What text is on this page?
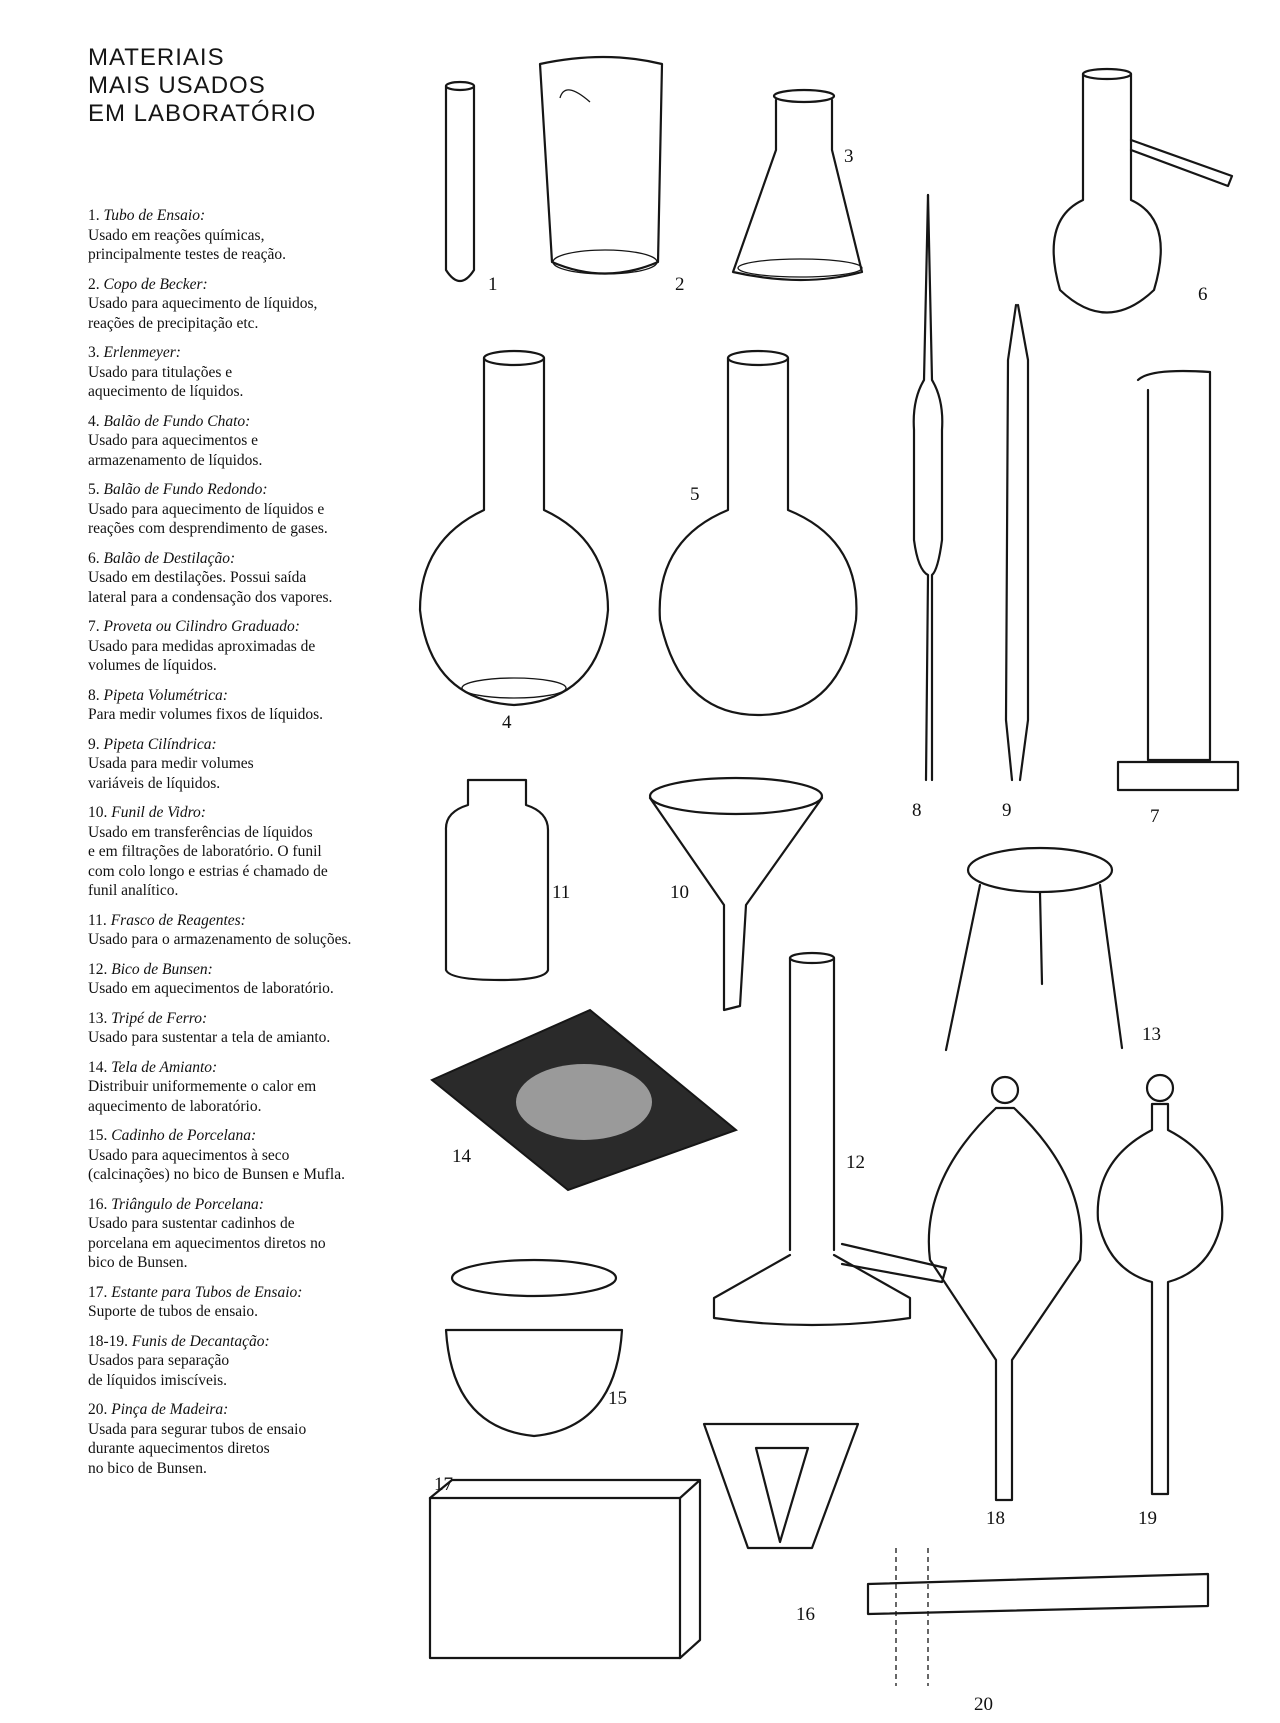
MATERIAIS
MAIS USADOS
EM LABORATÓRIO
1. Tubo de Ensaio:
Usado em reações químicas,
principalmente testes de reação.
2. Copo de Becker:
Usado para aquecimento de líquidos,
reações de precipitação etc.
3. Erlenmeyer:
Usado para titulações e
aquecimento de líquidos.
4. Balão de Fundo Chato:
Usado para aquecimentos e
armazenamento de líquidos.
5. Balão de Fundo Redondo:
Usado para aquecimento de líquidos e
reações com desprendimento de gases.
6. Balão de Destilação:
Usado em destilações. Possui saída
lateral para a condensação dos vapores.
7. Proveta ou Cilindro Graduado:
Usado para medidas aproximadas de
volumes de líquidos.
8. Pipeta Volumétrica:
Para medir volumes fixos de líquidos.
9. Pipeta Cilíndrica:
Usada para medir volumes
variáveis de líquidos.
10. Funil de Vidro:
Usado em transferências de líquidos
e em filtrações de laboratório. O funil
com colo longo e estrias é chamado de
funil analítico.
11. Frasco de Reagentes:
Usado para o armazenamento de soluções.
12. Bico de Bunsen:
Usado em aquecimentos de laboratório.
13. Tripé de Ferro:
Usado para sustentar a tela de amianto.
14. Tela de Amianto:
Distribuir uniformemente o calor em
aquecimento de laboratório.
15. Cadinho de Porcelana:
Usado para aquecimentos à seco
(calcinações) no bico de Bunsen e Mufla.
16. Triângulo de Porcelana:
Usado para sustentar cadinhos de
porcelana em aquecimentos diretos no
bico de Bunsen.
17. Estante para Tubos de Ensaio:
Suporte de tubos de ensaio.
18-19. Funis de Decantação:
Usados para separação
de líquidos imiscíveis.
20. Pinça de Madeira:
Usada para segurar tubos de ensaio
durante aquecimentos diretos
no bico de Bunsen.
1	2
3
4
5
6
7
8	9
10
11
12
13
14
15
16
17
18	19
20
